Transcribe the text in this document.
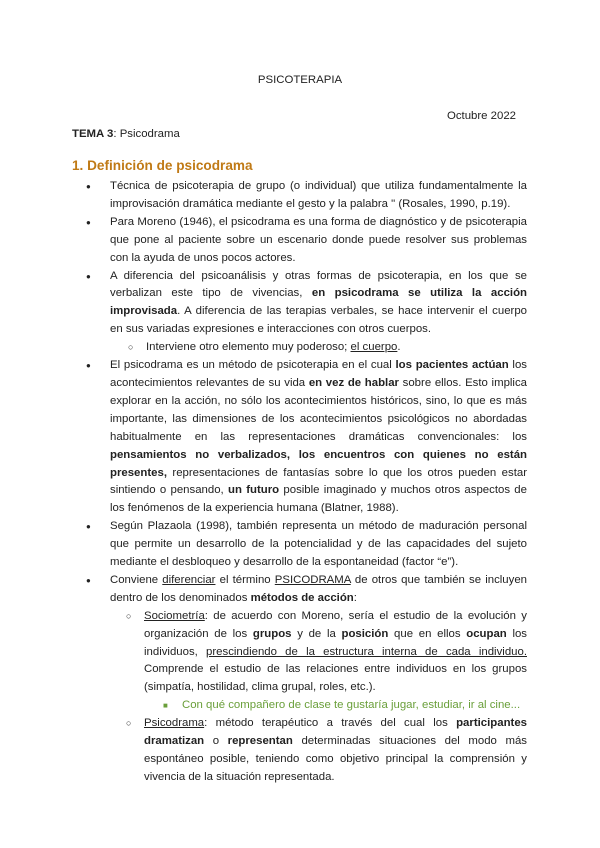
PSICOTERAPIA
Octubre 2022
TEMA 3: Psicodrama
1. Definición de psicodrama
● Técnica de psicoterapia de grupo (o individual) que utiliza fundamentalmente la improvisación dramática mediante el gesto y la palabra " (Rosales, 1990, p.19).
● Para Moreno (1946), el psicodrama es una forma de diagnóstico y de psicoterapia que pone al paciente sobre un escenario donde puede resolver sus problemas con la ayuda de unos pocos actores.
● A diferencia del psicoanálisis y otras formas de psicoterapia, en los que se verbalizan este tipo de vivencias, en psicodrama se utiliza la acción improvisada. A diferencia de las terapias verbales, se hace intervenir el cuerpo en sus variadas expresiones e interacciones con otros cuerpos.
○ Interviene otro elemento muy poderoso; el cuerpo.
● El psicodrama es un método de psicoterapia en el cual los pacientes actúan los acontecimientos relevantes de su vida en vez de hablar sobre ellos. Esto implica explorar en la acción, no sólo los acontecimientos históricos, sino, lo que es más importante, las dimensiones de los acontecimientos psicológicos no abordadas habitualmente en las representaciones dramáticas convencionales: los pensamientos no verbalizados, los encuentros con quienes no están presentes, representaciones de fantasías sobre lo que los otros pueden estar sintiendo o pensando, un futuro posible imaginado y muchos otros aspectos de los fenómenos de la experiencia humana (Blatner, 1988).
● Según Plazaola (1998), también representa un método de maduración personal que permite un desarrollo de la potencialidad y de las capacidades del sujeto mediante el desbloqueo y desarrollo de la espontaneidad (factor “e”).
● Conviene diferenciar el término PSICODRAMA de otros que también se incluyen dentro de los denominados métodos de acción:
○ Sociometría: de acuerdo con Moreno, sería el estudio de la evolución y organización de los grupos y de la posición que en ellos ocupan los individuos, prescindiendo de la estructura interna de cada individuo. Comprende el estudio de las relaciones entre individuos en los grupos (simpatía, hostilidad, clima grupal, roles, etc.).
■ Con qué compañero de clase te gustaría jugar, estudiar, ir al cine...
○ Psicodrama: método terapéutico a través del cual los participantes dramatizan o representan determinadas situaciones del modo más espontáneo posible, teniendo como objetivo principal la comprensión y vivencia de la situación representada.
